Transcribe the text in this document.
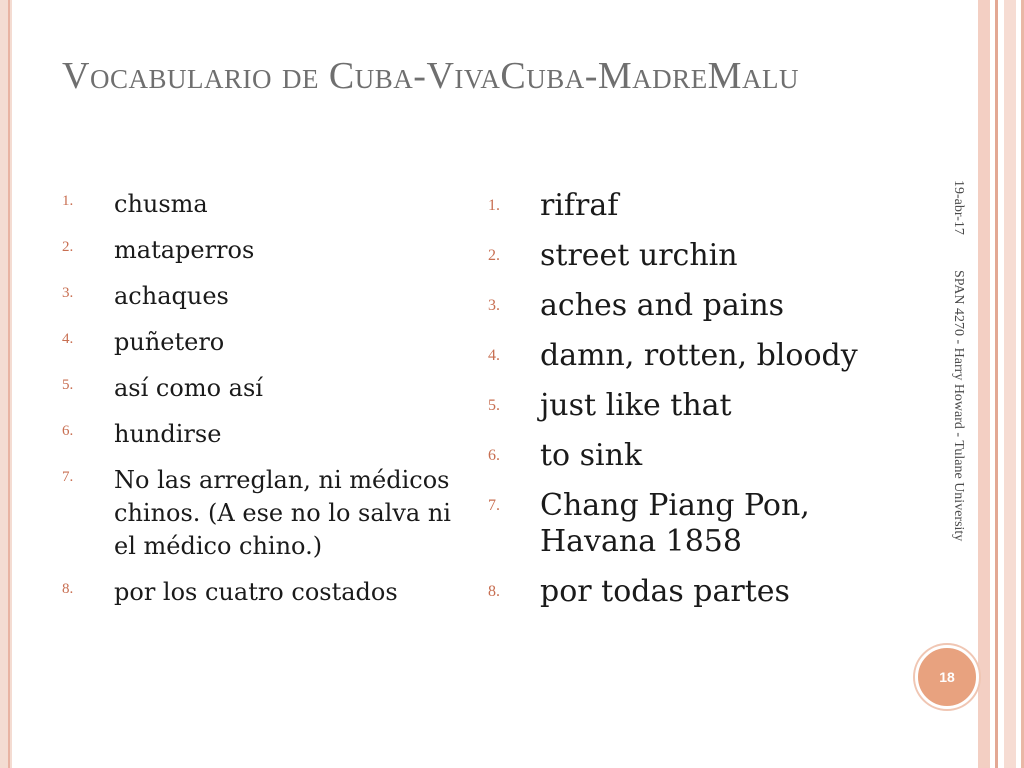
Vocabulario de Cuba-VivaCuba-MadreMalu
1. chusma
2. mataperros
3. achaques
4. puñetero
5. así como así
6. hundirse
7. No las arreglan, ni médicos chinos. (A ese no lo salva ni el médico chino.)
8. por los cuatro costados
1. rifraf
2. street urchin
3. aches and pains
4. damn, rotten, bloody
5. just like that
6. to sink
7. Chang Piang Pon, Havana 1858
8. por todas partes
19-abr-17
SPAN 4270 - Harry Howard - Tulane University
18
